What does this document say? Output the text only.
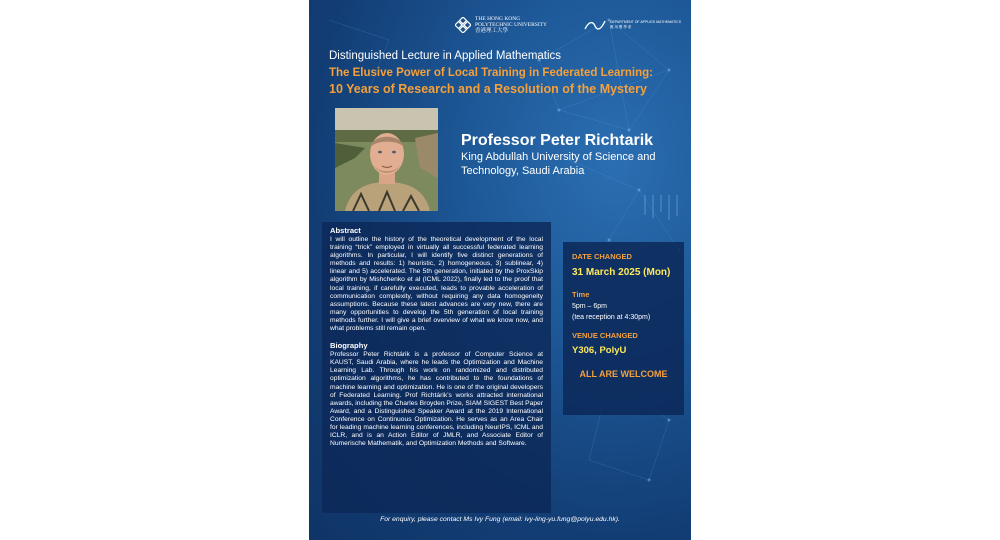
THE HONG KONG
POLYTECHNIC UNIVERSITY
香港理工大學
DEPARTMENT OF APPLIED MATHEMATICS
應 用 數 學 系
Distinguished Lecture in Applied Mathematics
The Elusive Power of Local Training in Federated Learning:
10 Years of Research and a Resolution of the Mystery
Professor Peter Richtarik
King Abdullah University of Science and Technology, Saudi Arabia
Abstract

I will outline the history of the theoretical development of the local training “trick” employed in virtually all successful federated learning algorithms. In particular, I will identify five distinct generations of methods and results: 1) heuristic, 2) homogeneous, 3) sublinear, 4) linear and 5) accelerated. The 5th generation, initiated by the ProxSkip algorithm by Mishchenko et al (ICML 2022), finally led to the proof that local training, if carefully executed, leads to provable acceleration of communication complexity, without requiring any data homogeneity assumptions. Because these latest advances are very new, there are many opportunities to develop the 5th generation of local training methods further. I will give a brief overview of what we know now, and what problems still remain open.

Biography

Professor Peter Richtárik is a professor of Computer Science at KAUST, Saudi Arabia, where he leads the Optimization and Machine Learning Lab. Through his work on randomized and distributed optimization algorithms, he has contributed to the foundations of machine learning and optimization. He is one of the original developers of Federated Learning. Prof Richtárik’s works attracted international awards, including the Charles Broyden Prize, SIAM SIGEST Best Paper Award, and a Distinguished Speaker Award at the 2019 International Conference on Continuous Optimization. He serves as an Area Chair for leading machine learning conferences, including NeurIPS, ICML and ICLR, and is an Action Editor of JMLR, and Associate Editor of Numerische Mathematik, and Optimization Methods and Software.

DATE CHANGED
31 March 2025 (Mon)
Time
5pm – 6pm
(tea reception at 4:30pm)
VENUE CHANGED
Y306, PolyU
ALL ARE WELCOME
For enquiry, please contact Ms Ivy Fung (email: ivy-ling-yu.fung@polyu.edu.hk).
